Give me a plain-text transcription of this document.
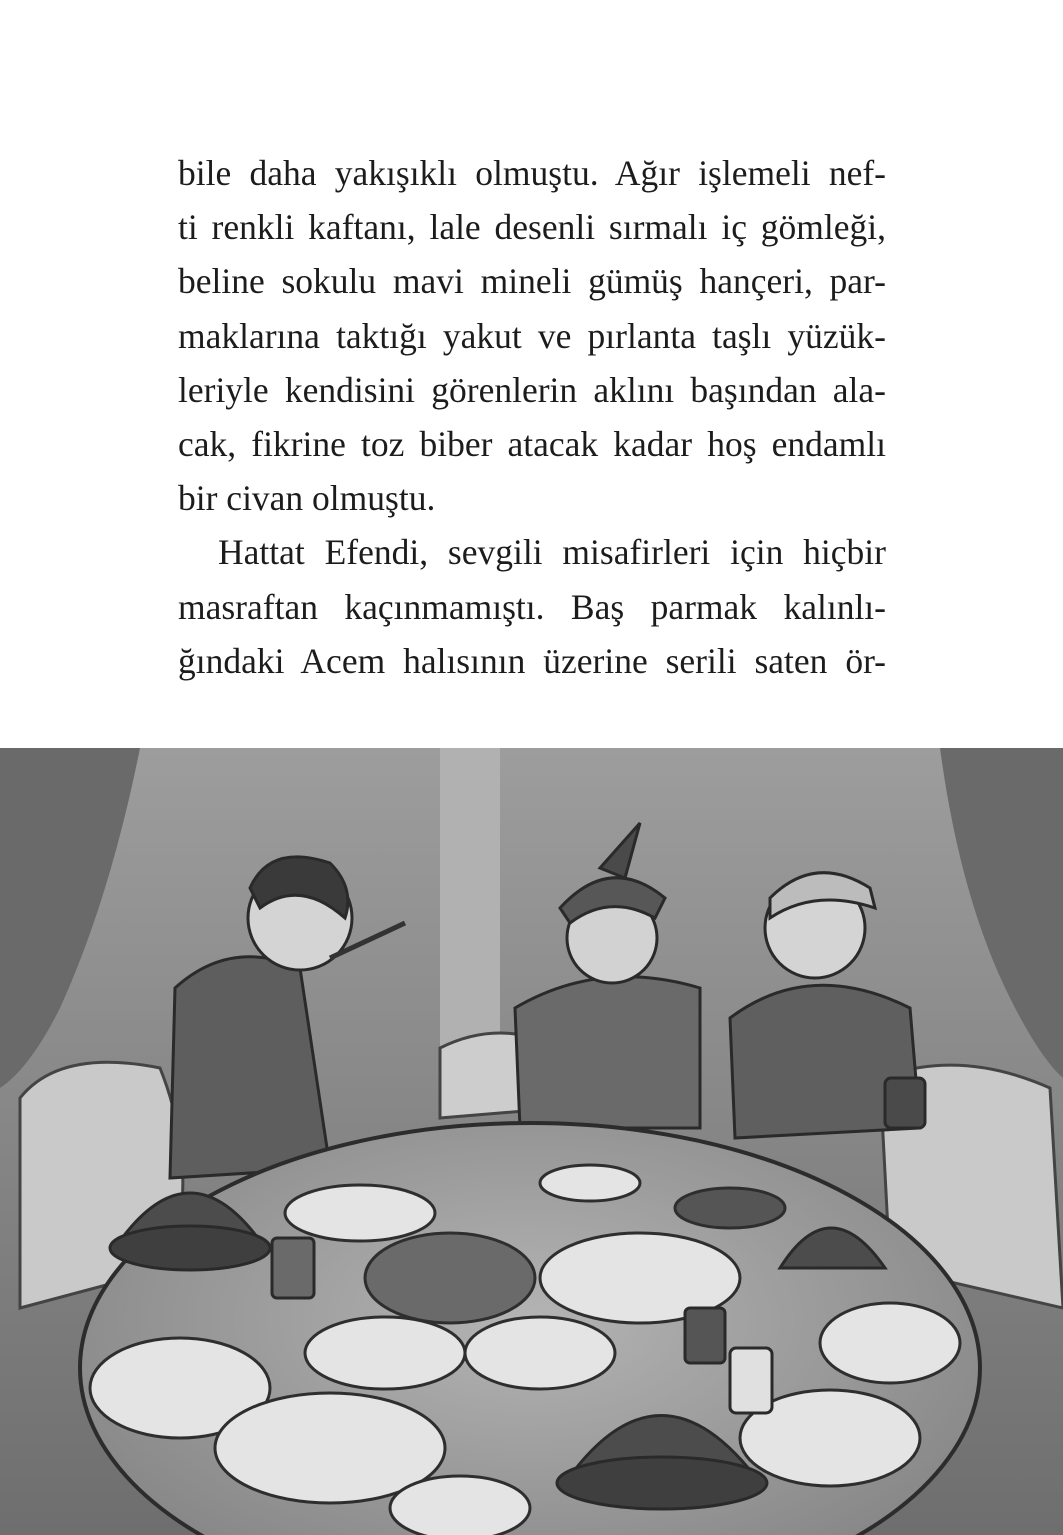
bile daha yakışıklı olmuştu. Ağır işlemeli nef-
ti renkli kaftanı, lale desenli sırmalı iç gömleği,
beline sokulu mavi mineli gümüş hançeri, par-
maklarına taktığı yakut ve pırlanta taşlı yüzük-
leriyle kendisini görenlerin aklını başından ala-
cak, fikrine toz biber atacak kadar hoş endamlı
bir civan olmuştu.
Hattat Efendi, sevgili misafirleri için hiçbir
masraftan kaçınmamıştı. Baş parmak kalınlı-
ğındaki Acem halısının üzerine serili saten ör-
